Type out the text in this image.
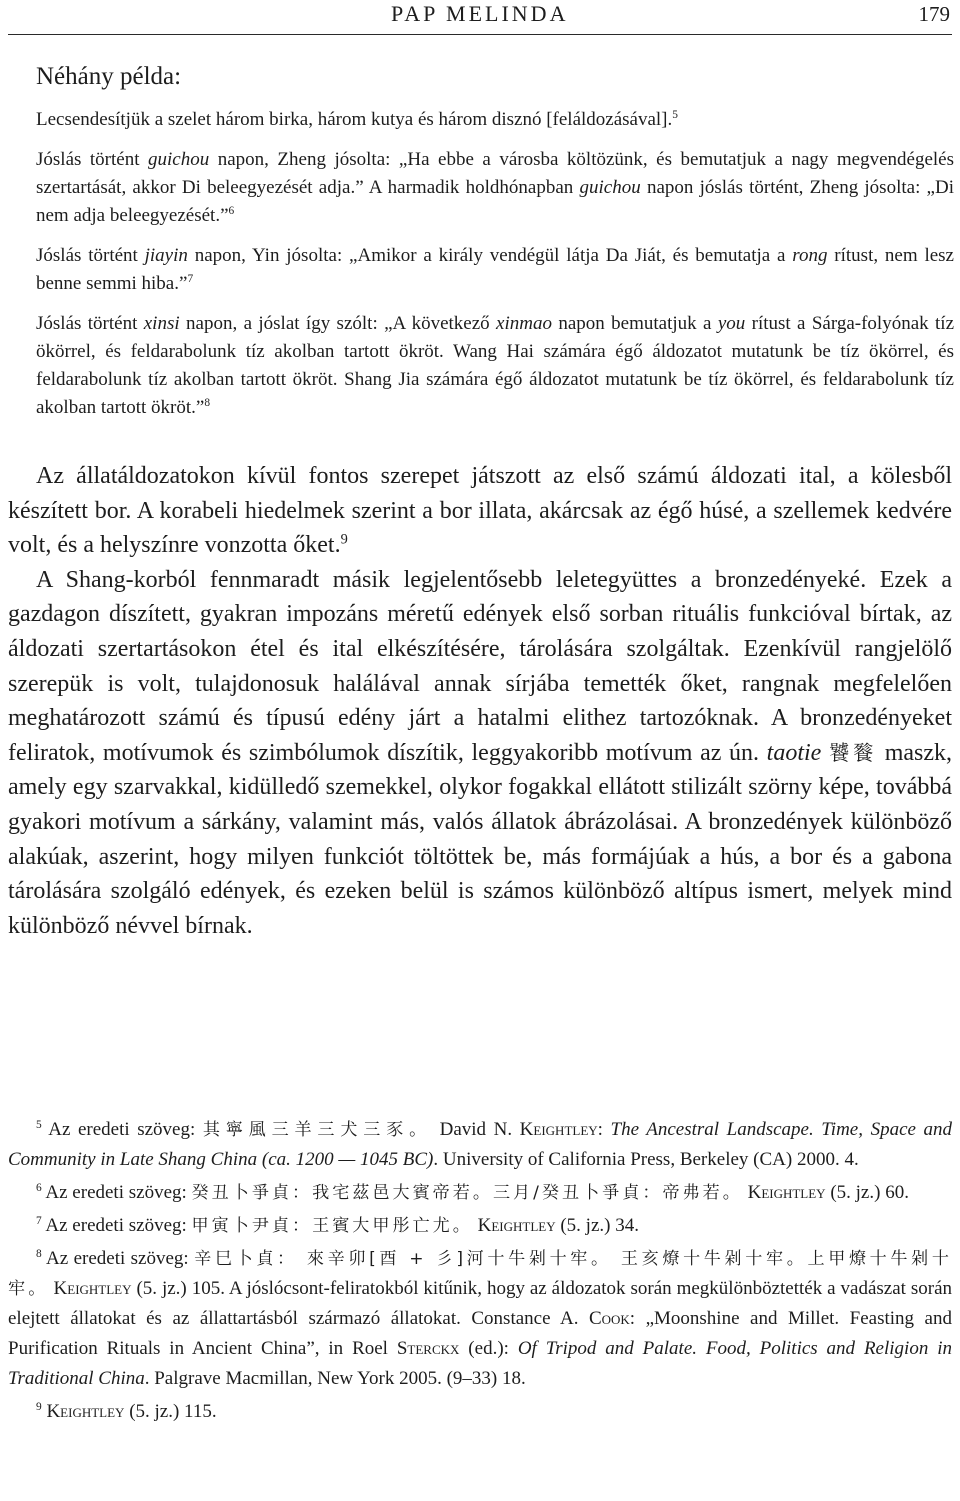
PAP MELINDA	179
Néhány példa:

Lecsendesítjük a szelet három birka, három kutya és három disznó [feláldozásával].$^5$

Jóslás történt guichou napon, Zheng jósolta: „Ha ebbe a városba költözünk, és bemutatjuk a nagy megvendégelés szertartását, akkor Di beleegyezését adja.” A harmadik holdhónapban guichou napon jóslás történt, Zheng jósolta: „Di nem adja beleegyezését.”$^6$

Jóslás történt jiayin napon, Yin jósolta: „Amikor a király vendégül látja Da Jiát, és bemutatja a rong rítust, nem lesz benne semmi hiba.”$^7$

Jóslás történt xinsi napon, a jóslat így szólt: „A következő xinmao napon bemutatjuk a you rítust a Sárga-folyónak tíz ökörrel, és feldarabolunk tíz akolban tartott ökröt. Wang Hai számára égő áldozatot mutatunk be tíz ökörrel, és feldarabolunk tíz akolban tartott ökröt. Shang Jia számára égő áldozatot mutatunk be tíz ökörrel, és feldarabolunk tíz akolban tartott ökröt.”$^8$

Az állatáldozatokon kívül fontos szerepet játszott az első számú áldozati ital, a kölesből készített bor. A korabeli hiedelmek szerint a bor illata, akárcsak az égő húsé, a szellemek kedvére volt, és a helyszínre vonzotta őket.$^9$

A Shang-korból fennmaradt másik legjelentősebb leletegyüttes a bronzedényeké. Ezek a gazdagon díszített, gyakran impozáns méretű edények első sorban rituális funkcióval bírtak, az áldozati szertartásokon étel és ital elkészítésére, tárolására szolgáltak. Ezenkívül rangjelölő szerepük is volt, tulajdonosuk halálával annak sírjába temették őket, rangnak megfelelően meghatározott számú és típusú edény járt a hatalmi elithez tartozóknak. A bronzedényeket feliratok, motívumok és szimbólumok díszítik, leggyakoribb motívum az ún. taotie 饕餮 maszk, amely egy szarvakkal, kidülledő szemekkel, olykor fogakkal ellátott stilizált szörny képe, továbbá gyakori motívum a sárkány, valamint más, valós állatok ábrázolásai. A bronzedények különböző alakúak, aszerint, hogy milyen funkciót töltöttek be, más formájúak a hús, a bor és a gabona tárolására szolgáló edények, és ezeken belül is számos különböző altípus ismert, melyek mind különböző névvel bírnak.

$^5$ Az eredeti szöveg: 其寧風三羊三犬三豕。 David N. Keightley: The Ancestral Landscape. Time, Space and Community in Late Shang China (ca. 1200 — 1045 BC). University of California Press, Berkeley (CA) 2000. 4.

$^6$ Az eredeti szöveg: 癸丑卜爭貞：我宅茲邑大賓帝若。三月/癸丑卜爭貞：帝弗若。 Keightley (5. jz.) 60.

$^7$ Az eredeti szöveg: 甲寅卜尹貞：王賓大甲彤亡尤。 Keightley (5. jz.) 34.

$^8$ Az eredeti szöveg: 辛巳卜貞： 來辛卯[酉 + 彡]河十牛剁十牢。 王亥燎十牛剁十牢。上甲燎十牛剁十牢。 Keightley (5. jz.) 105. A jóslócsont-feliratokból kitűnik, hogy az áldozatok során megkülönböztették a vadászat során elejtett állatokat és az állattartásból származó állatokat. Constance A. Cook: „Moonshine and Millet. Feasting and Purification Rituals in Ancient China”, in Roel Sterckx (ed.): Of Tripod and Palate. Food, Politics and Religion in Traditional China. Palgrave Macmillan, New York 2005. (9–33) 18.

$^9$ Keightley (5. jz.) 115.
